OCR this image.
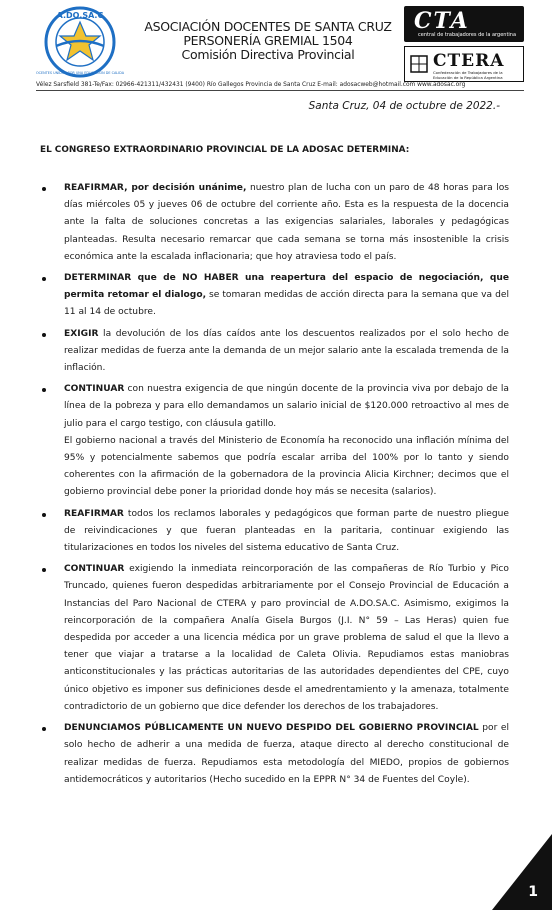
A.DO.SA.C
DOCENTES UNIDOS POR UNA EDUCACIÓN DE CALIDAD
ASOCIACIÓN DOCENTES DE SANTA CRUZ
PERSONERÍA GREMIAL 1504
Comisión Directiva Provincial
CTA
central de trabajadores de la argentina
CTERA
Confederación de Trabajadores de la Educación de la República Argentina
Vélez Sarsfield 381-Te/Fax: 02966-421311/432431 (9400) Río Gallegos Provincia de Santa Cruz E-mail: adosacweb@hotmail.com www.adosac.org
Santa Cruz, 04 de octubre de 2022.-
EL CONGRESO EXTRAORDINARIO PROVINCIAL DE LA ADOSAC DETERMINA:

REAFIRMAR, por decisión unánime, nuestro plan de lucha con un paro de 48 horas para los días miércoles 05 y jueves 06 de octubre del corriente año. Esta es la respuesta de la docencia ante la falta de soluciones concretas a las exigencias salariales, laborales y pedagógicas planteadas. Resulta necesario remarcar que cada semana se torna más insostenible la crisis económica ante la escalada inflacionaria; que hoy atraviesa todo el país.

DETERMINAR que de NO HABER una reapertura del espacio de negociación, que permita retomar el dialogo, se tomaran medidas de acción directa para la semana que va del 11 al 14 de octubre.

EXIGIR la devolución de los días caídos ante los descuentos realizados por el solo hecho de realizar medidas de fuerza ante la demanda de un mejor salario ante la escalada tremenda de la inflación.

CONTINUAR con nuestra exigencia de que ningún docente de la provincia viva por debajo de la línea de la pobreza y para ello demandamos un salario inicial de $120.000 retroactivo al mes de julio para el cargo testigo, con cláusula gatillo.

El gobierno nacional a través del Ministerio de Economía ha reconocido una inflación mínima del 95% y potencialmente sabemos que podría escalar arriba del 100% por lo tanto y siendo coherentes con la afirmación de la gobernadora de la provincia Alicia Kirchner; decimos que el gobierno provincial debe poner la prioridad donde hoy más se necesita (salarios).

REAFIRMAR todos los reclamos laborales y pedagógicos que forman parte de nuestro pliegue de reivindicaciones y que fueran planteadas en la paritaria, continuar exigiendo las titularizaciones en todos los niveles del sistema educativo de Santa Cruz.

CONTINUAR exigiendo la inmediata reincorporación de las compañeras de Río Turbio y Pico Truncado, quienes fueron despedidas arbitrariamente por el Consejo Provincial de Educación a Instancias del Paro Nacional de CTERA y paro provincial de A.DO.SA.C. Asimismo, exigimos la reincorporación de la compañera Analía Gisela Burgos (J.I. N° 59 – Las Heras) quien fue despedida por acceder a una licencia médica por un grave problema de salud el que la llevo a tener que viajar a tratarse a la localidad de Caleta Olivia. Repudiamos estas maniobras anticonstitucionales y las prácticas autoritarias de las autoridades dependientes del CPE, cuyo único objetivo es imponer sus definiciones desde el amedrentamiento y la amenaza, totalmente contradictorio de un gobierno que dice defender los derechos de los trabajadores.

DENUNCIAMOS PÚBLICAMENTE UN NUEVO DESPIDO DEL GOBIERNO PROVINCIAL por el solo hecho de adherir a una medida de fuerza, ataque directo al derecho constitucional de realizar medidas de fuerza. Repudiamos esta metodología del MIEDO, propios de gobiernos antidemocráticos y autoritarios (Hecho sucedido en la EPPR N° 34 de Fuentes del Coyle).

1
